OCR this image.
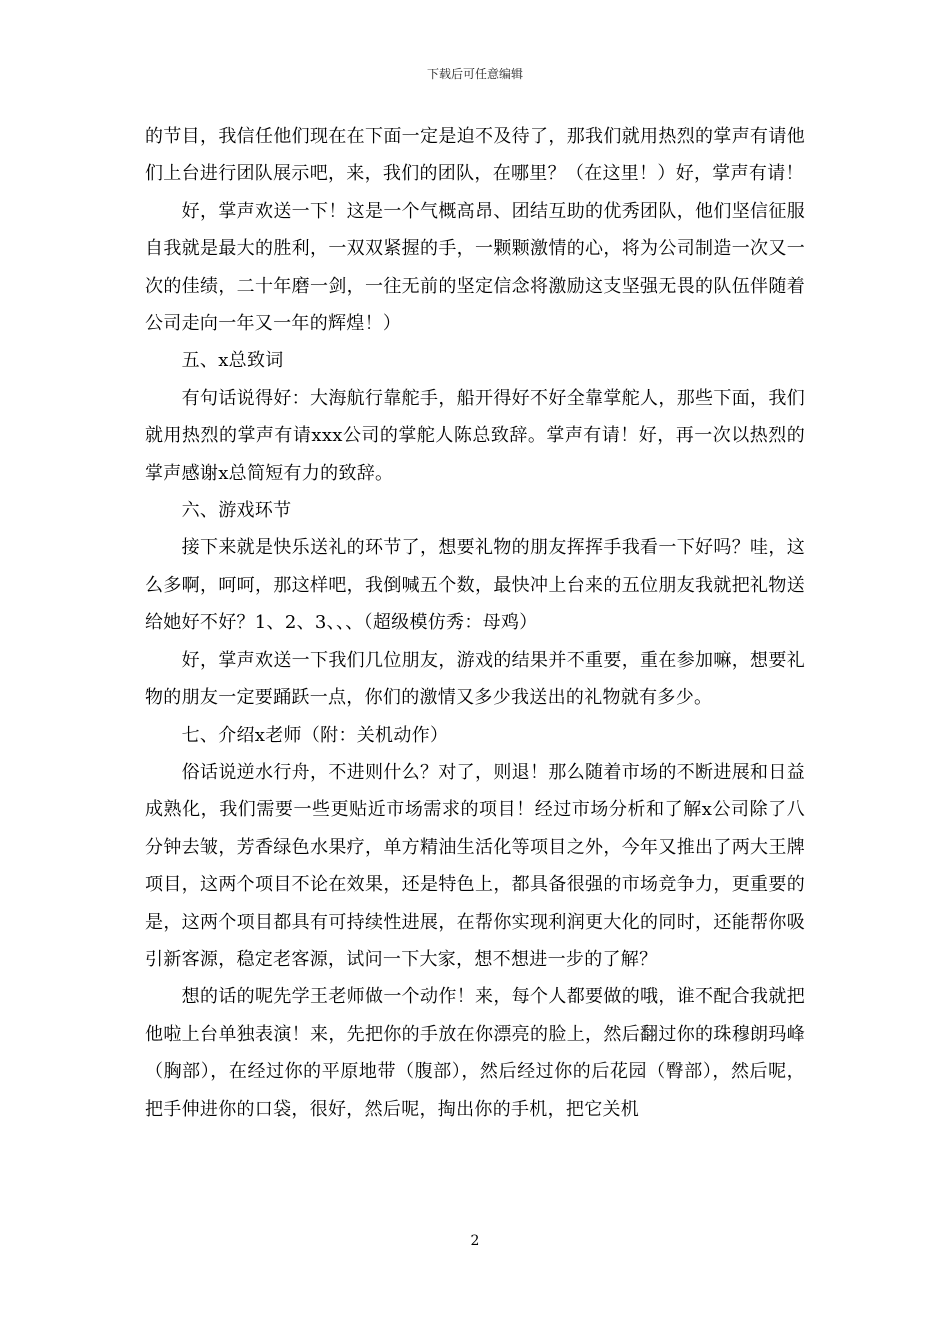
下载后可任意编辑

的节目，我信任他们现在在下面一定是迫不及待了，那我们就用热烈的掌声有请他们上台进行团队展示吧，来，我们的团队，在哪里？（在这里！）好，掌声有请！

　　好，掌声欢送一下！这是一个气概高昂、团结互助的优秀团队，他们坚信征服自我就是最大的胜利，一双双紧握的手，一颗颗激情的心，将为公司制造一次又一次的佳绩，二十年磨一剑，一往无前的坚定信念将激励这支坚强无畏的队伍伴随着公司走向一年又一年的辉煌！）

　　五、x总致词

　　有句话说得好：大海航行靠舵手，船开得好不好全靠掌舵人，那些下面，我们就用热烈的掌声有请xxx公司的掌舵人陈总致辞。掌声有请！好，再一次以热烈的掌声感谢x总简短有力的致辞。

　　六、游戏环节

　　接下来就是快乐送礼的环节了，想要礼物的朋友挥挥手我看一下好吗？哇，这么多啊，呵呵，那这样吧，我倒喊五个数，最快冲上台来的五位朋友我就把礼物送给她好不好？1、2、3、、、（超级模仿秀：母鸡）

　　好，掌声欢送一下我们几位朋友，游戏的结果并不重要，重在参加嘛，想要礼物的朋友一定要踊跃一点，你们的激情又多少我送出的礼物就有多少。

　　七、介绍x老师（附：关机动作）

　　俗话说逆水行舟，不进则什么？对了，则退！那么随着市场的不断进展和日益成熟化，我们需要一些更贴近市场需求的项目！经过市场分析和了解x公司除了八分钟去皱，芳香绿色水果疗，单方精油生活化等项目之外，今年又推出了两大王牌项目，这两个项目不论在效果，还是特色上，都具备很强的市场竞争力，更重要的是，这两个项目都具有可持续性进展，在帮你实现利润更大化的同时，还能帮你吸引新客源，稳定老客源，试问一下大家，想不想进一步的了解？

　　想的话的呢先学王老师做一个动作！来，每个人都要做的哦，谁不配合我就把他啦上台单独表演！来，先把你的手放在你漂亮的脸上，然后翻过你的珠穆朗玛峰（胸部），在经过你的平原地带（腹部），然后经过你的后花园（臀部），然后呢，把手伸进你的口袋，很好，然后呢，掏出你的手机，把它关机

2
